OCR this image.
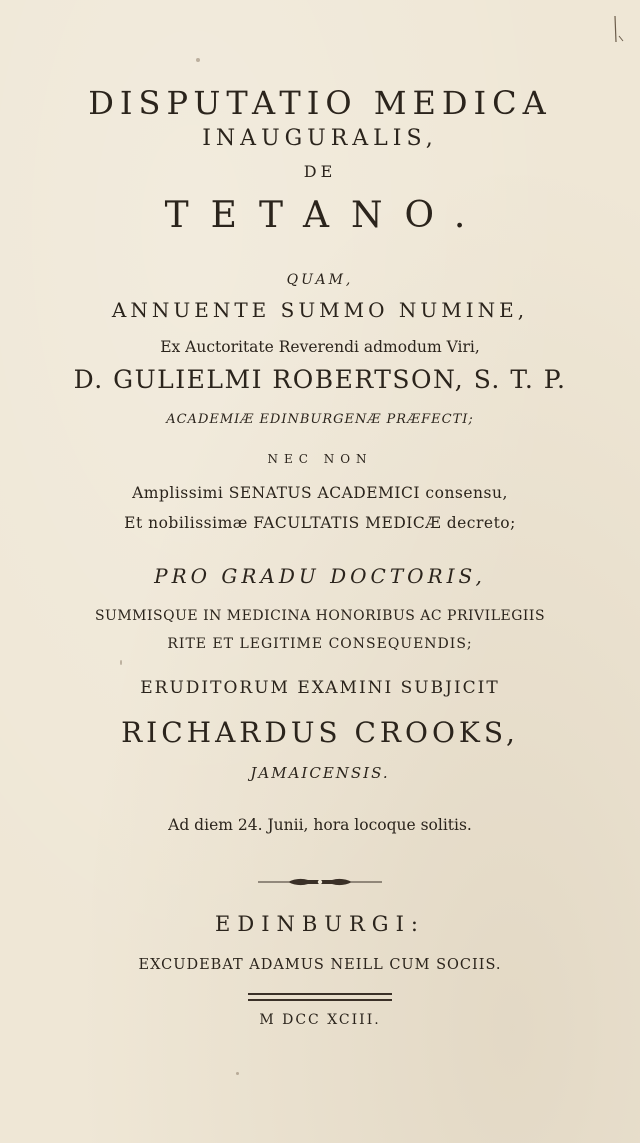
DISPUTATIO MEDICA
INAUGURALIS,
DE
TETANO.
QUAM,
ANNUENTE SUMMO NUMINE,
Ex Auctoritate Reverendi admodum Viri,
D. GULIELMI ROBERTSON, S. T. P.
ACADEMIÆ EDINBURGENÆ PRÆFECTI;
NEC NON
Amplissimi SENATUS ACADEMICI consensu,
Et nobilissimæ FACULTATIS MEDICÆ decreto;
PRO GRADU DOCTORIS,
SUMMISQUE IN MEDICINA HONORIBUS AC PRIVILEGIIS
RITE ET LEGITIME CONSEQUENDIS;
ERUDITORUM EXAMINI SUBJICIT
RICHARDUS CROOKS,
JAMAICENSIS.
Ad diem 24. Junii, hora locoque solitis.
EDINBURGI:
EXCUDEBAT ADAMUS NEILL CUM SOCIIS.
M DCC XCIII.
